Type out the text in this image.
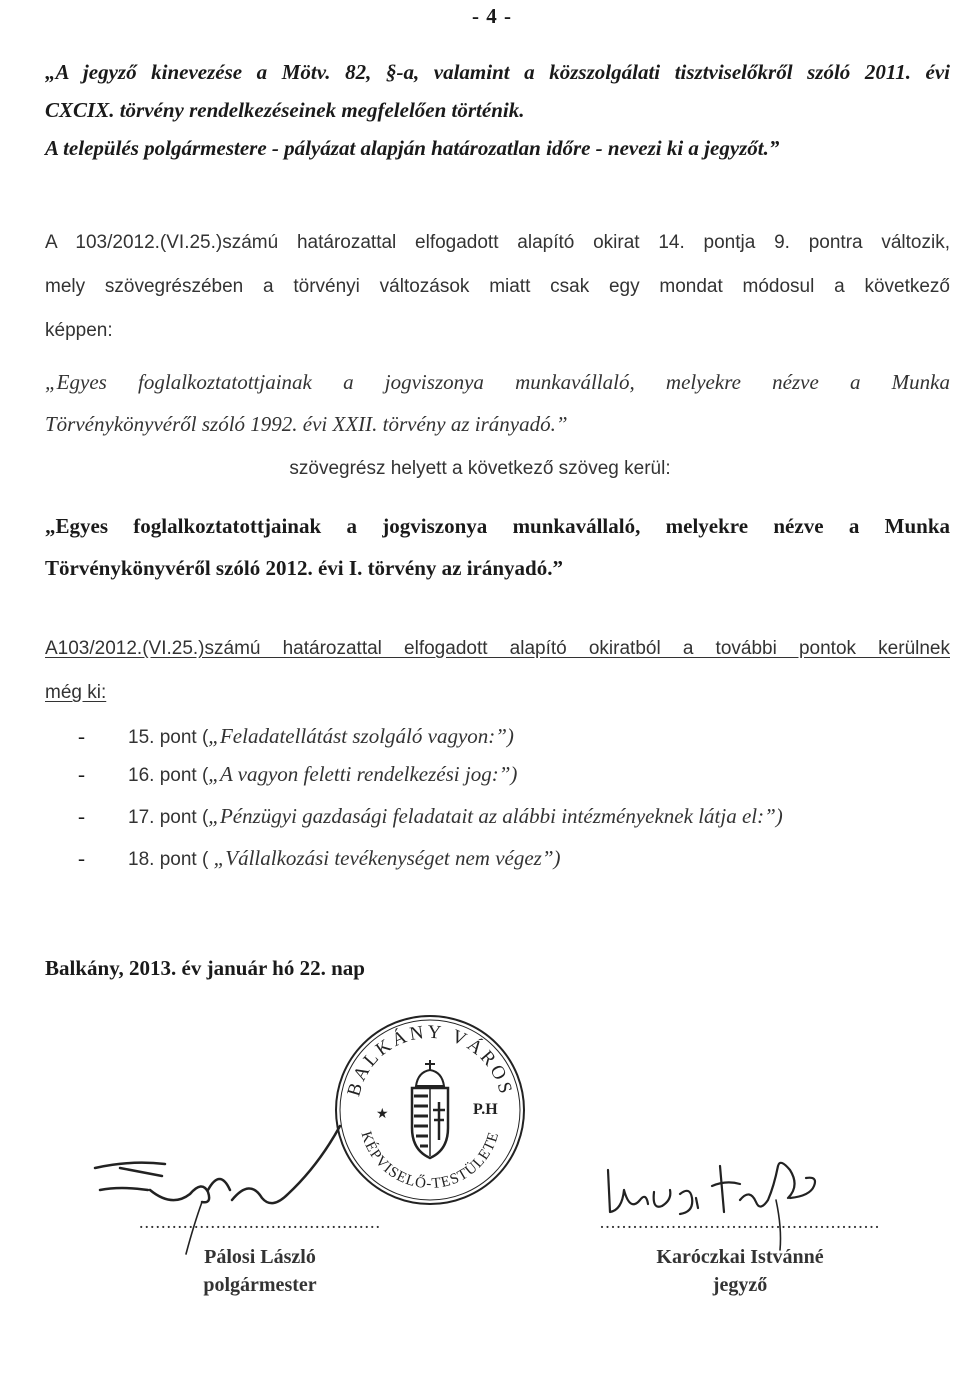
- 4 -
„A jegyző kinevezése a Mötv. 82, §-a, valamint a közszolgálati tisztviselőkről szóló 2011. évi
CXCIX. törvény rendelkezéseinek megfelelően történik.
A település polgármestere - pályázat alapján határozatlan időre - nevezi ki a jegyzőt.”
A 103/2012.(VI.25.)számú határozattal elfogadott alapító okirat 14. pontja 9. pontra változik,
mely szövegrészében a törvényi változások miatt csak egy mondat módosul a következő
képpen:
„Egyes foglalkoztatottjainak a jogviszonya munkavállaló, melyekre nézve a Munka
Törvénykönyvéről szóló 1992. évi XXII. törvény az irányadó.”
szövegrész helyett a következő szöveg kerül:
„Egyes foglalkoztatottjainak a jogviszonya munkavállaló, melyekre nézve a Munka
Törvénykönyvéről szóló 2012. évi I. törvény az irányadó.”
A103/2012.(VI.25.)számú határozattal elfogadott alapító okiratból a további pontok kerülnek
még ki:
- 15. pont („Feladatellátást szolgáló vagyon:”)
- 16. pont („A vagyon feletti rendelkezési jog:”)
- 17. pont („Pénzügyi gazdasági feladatait az alábbi intézményeknek látja el:”)
- 18. pont ( „Vállalkozási tevékenységet nem végez”)
Balkány, 2013. év január hó 22. nap
BALKÁNY VÁROS
KÉPVISELŐ-TESTÜLETE
P.H
★
............................................
Pálosi László
polgármester
...................................................
Karóczkai Istvánné
jegyző
